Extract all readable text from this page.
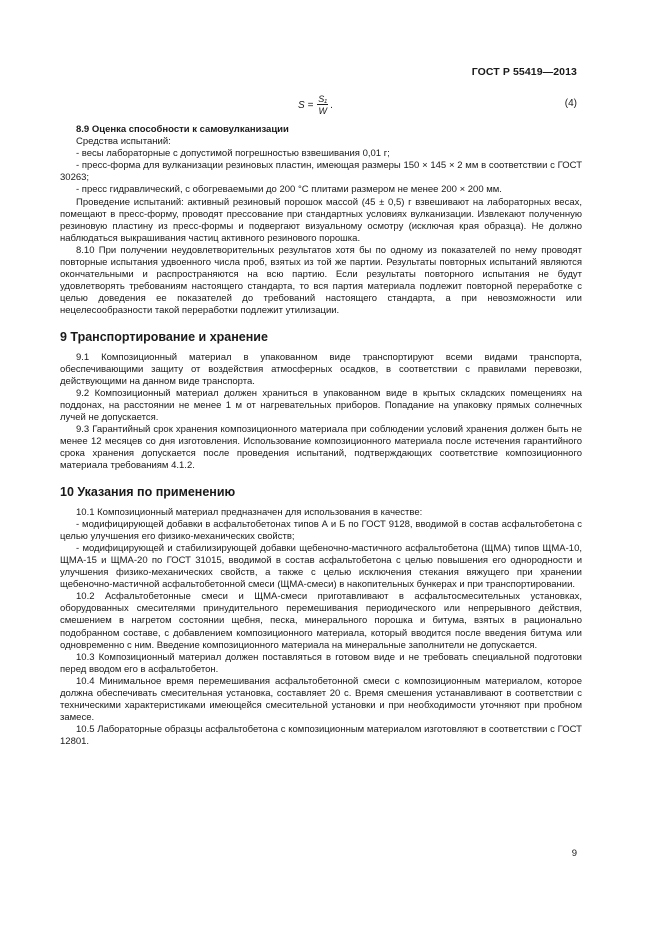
ГОСТ Р 55419—2013
$S = \frac{\text{S₁}}{W}$ .	(4)

8.9 Оценка способности к самовулканизации

Средства испытаний:

- весы лабораторные с допустимой погрешностью взвешивания 0,01 г;

- пресс-форма для вулканизации резиновых пластин, имеющая размеры 150 × 145 × 2 мм в соответствии с ГОСТ 30263;

- пресс гидравлический, с обогреваемыми до 200 °С плитами размером не менее 200 × 200 мм.

Проведение испытаний: активный резиновый порошок массой (45 ± 0,5) г взвешивают на лабораторных весах, помещают в пресс-форму, проводят прессование при стандартных условиях вулканизации. Извлекают полученную резиновую пластину из пресс-формы и подвергают визуальному осмотру (исключая края образца). Не должно наблюдаться выкрашивания частиц активного резинового порошка.

8.10 При получении неудовлетворительных результатов хотя бы по одному из показателей по нему проводят повторные испытания удвоенного числа проб, взятых из той же партии. Результаты повторных испытаний являются окончательными и распространяются на всю партию. Если результаты повторного испытания не будут удовлетворять требованиям настоящего стандарта, то вся партия материала подлежит повторной переработке с целью доведения ее показателей до требований настоящего стандарта, а при невозможности или нецелесообразности такой переработки подлежит утилизации.

9 Транспортирование и хранение

9.1 Композиционный материал в упакованном виде транспортируют всеми видами транспорта, обеспечивающими защиту от воздействия атмосферных осадков, в соответствии с правилами перевозки, действующими на данном виде транспорта.

9.2 Композиционный материал должен храниться в упакованном виде в крытых складских помещениях на поддонах, на расстоянии не менее 1 м от нагревательных приборов. Попадание на упаковку прямых солнечных лучей не допускается.

9.3 Гарантийный срок хранения композиционного материала при соблюдении условий хранения должен быть не менее 12 месяцев со дня изготовления. Использование композиционного материала после истечения гарантийного срока хранения допускается после проведения испытаний, подтверждающих соответствие композиционного материала требованиям 4.1.2.

10 Указания по применению

10.1 Композиционный материал предназначен для использования в качестве:

- модифицирующей добавки в асфальтобетонах типов А и Б по ГОСТ 9128, вводимой в состав асфальтобетона с целью улучшения его физико-механических свойств;

- модифицирующей и стабилизирующей добавки щебеночно-мастичного асфальтобетона (ЩМА) типов ЩМА-10, ЩМА-15 и ЩМА-20 по ГОСТ 31015, вводимой в состав асфальтобетона с целью повышения его однородности и улучшения физико-механических свойств, а также с целью исключения стекания вяжущего при хранении щебеночно-мастичной асфальтобетонной смеси (ЩМА-смеси) в накопительных бункерах и при транспортировании.

10.2 Асфальтобетонные смеси и ЩМА-смеси приготавливают в асфальтосмесительных установках, оборудованных смесителями принудительного перемешивания периодического или непрерывного действия, смешением в нагретом состоянии щебня, песка, минерального порошка и битума, взятых в рационально подобранном составе, с добавлением композиционного материала, который вводится после введения битума или одновременно с ним. Введение композиционного материала на минеральные заполнители не допускается.

10.3 Композиционный материал должен поставляться в готовом виде и не требовать специальной подготовки перед вводом его в асфальтобетон.

10.4 Минимальное время перемешивания асфальтобетонной смеси с композиционным материалом, которое должна обеспечивать смесительная установка, составляет 20 с. Время смешения устанавливают в соответствии с техническими характеристиками имеющейся смесительной установки и при необходимости уточняют при пробном замесе.

10.5 Лабораторные образцы асфальтобетона с композиционным материалом изготовляют в соответствии с ГОСТ 12801.

9
